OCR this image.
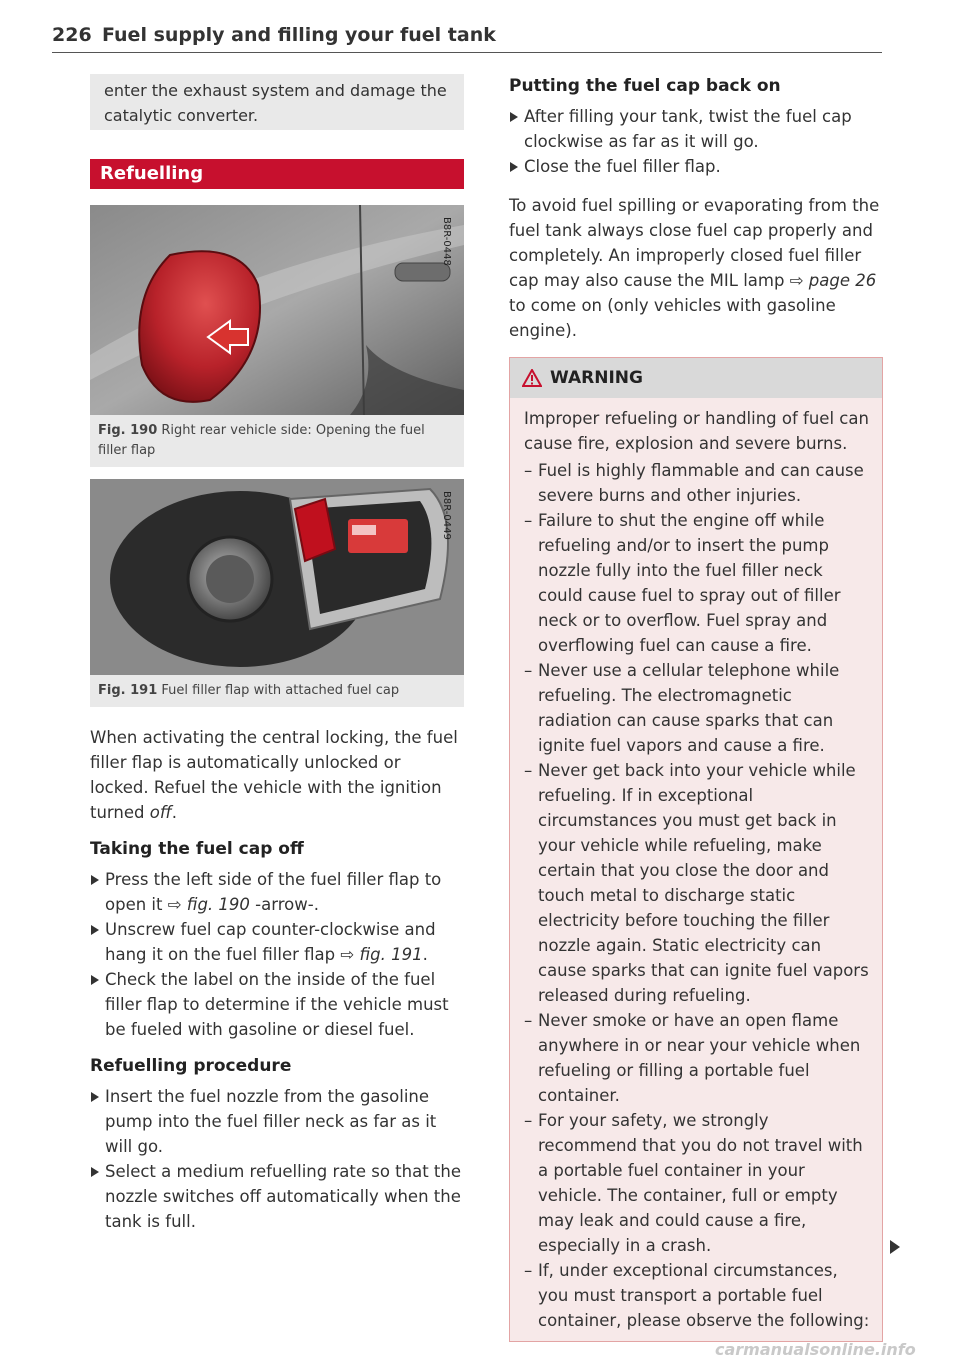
226 Fuel supply and filling your fuel tank
enter the exhaust system and damage the catalytic converter.
Refuelling
B8R-0448
Fig. 190 Right rear vehicle side: Opening the fuel filler flap
B8R-0449
Fig. 191 Fuel filler flap with attached fuel cap

When activating the central locking, the fuel filler flap is automatically unlocked or locked. Refuel the vehicle with the ignition turned off.

Taking the fuel cap off
Press the left side of the fuel filler flap to open it ⇨ fig. 190 -arrow-.
Unscrew fuel cap counter-clockwise and hang it on the fuel filler flap ⇨ fig. 191.
Check the label on the inside of the fuel filler flap to determine if the vehicle must be fueled with gasoline or diesel fuel.
Refuelling procedure
Insert the fuel nozzle from the gasoline pump into the fuel filler neck as far as it will go.
Select a medium refuelling rate so that the nozzle switches off automatically when the tank is full.
Putting the fuel cap back on
After filling your tank, twist the fuel cap clockwise as far as it will go.
Close the fuel filler flap.

To avoid fuel spilling or evaporating from the fuel tank always close fuel cap properly and completely. An improperly closed fuel filler cap may also cause the MIL lamp ⇨ page 26 to come on (only vehicles with gasoline engine).

WARNING
Improper refueling or handling of fuel can cause fire, explosion and severe burns.
– Fuel is highly flammable and can cause severe burns and other injuries.
– Failure to shut the engine off while refueling and/or to insert the pump nozzle fully into the fuel filler neck could cause fuel to spray out of filler neck or to overflow. Fuel spray and overflowing fuel can cause a fire.
– Never use a cellular telephone while refueling. The electromagnetic radiation can cause sparks that can ignite fuel vapors and cause a fire.
– Never get back into your vehicle while refueling. If in exceptional circumstances you must get back in your vehicle while refueling, make certain that you close the door and touch metal to discharge static electricity before touching the filler nozzle again. Static electricity can cause sparks that can ignite fuel vapors released during refueling.
– Never smoke or have an open flame anywhere in or near your vehicle when refueling or filling a portable fuel container.
– For your safety, we strongly recommend that you do not travel with a portable fuel container in your vehicle. The container, full or empty may leak and could cause a fire, especially in a crash.
– If, under exceptional circumstances, you must transport a portable fuel container, please observe the following:
carmanualsonline.info
